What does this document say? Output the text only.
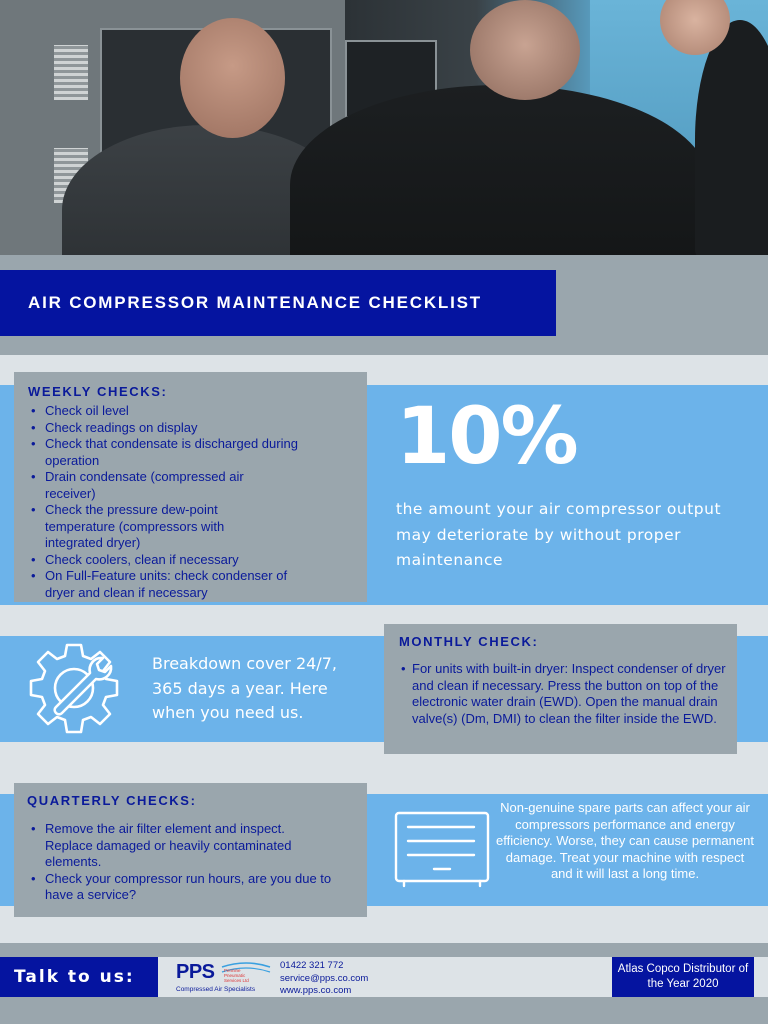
AIR COMPRESSOR MAINTENANCE CHECKLIST
WEEKLY CHECKS:
• Check oil level
• Check readings on display
• Check that condensate is discharged during operation
• Drain condensate (compressed air receiver)
• Check the pressure dew-point temperature (compressors with integrated dryer)
• Check coolers, clean if necessary
• On Full-Feature units: check condenser of dryer and clean if necessary
10%
the amount your air compressor output may deteriorate by without proper maintenance
Breakdown cover 24/7, 365 days a year. Here when you need us.
MONTHLY CHECK:
• For units with built-in dryer: Inspect condenser of dryer and clean if necessary. Press the button on top of the electronic water drain (EWD). Open the manual drain valve(s) (Dm, DMI) to clean the filter inside the EWD.
QUARTERLY CHECKS:
• Remove the air filter element and inspect. Replace damaged or heavily contaminated elements.
• Check your compressor run hours, are you due to have a service?
Non-genuine spare parts can affect your air compressors performance and energy efficiency. Worse, they can cause permanent damage. Treat your machine with respect and it will last a long time.
Talk to us: PPS Pennine Pneumatic Services Ltd
Compressed Air Specialists
01422 321 772
service@pps.co.com
www.pps.co.com
Atlas Copco Distributor of the Year 2020
